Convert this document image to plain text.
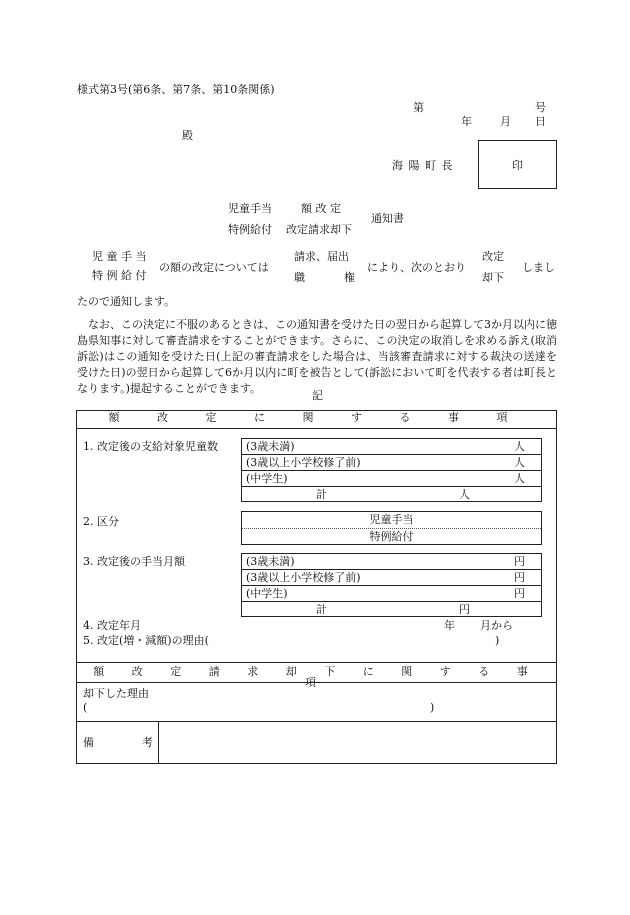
様式第3号(第6条、第7条、第10条関係)
第	号
年	月 日
殿
海 陽 町 長	印
児童手当
特例給付
額 改 定
改定請求却下
通知書
児 童 手 当
特 例 給 付
の額の改定については
請求、届出
職	権
により、次のとおり
改定
却下
しまし
たので通知します。
なお、この決定に不服のあるときは、この通知書を受けた日の翌日から起算して3か月以内に徳島県知事に対して審査請求をすることができます。さらに、この決定の取消しを求める訴え(取消訴訟)はこの通知を受けた日(上記の審査請求をした場合は、当該審査請求に対する裁決の送達を受けた日)の翌日から起算して6か月以内に町を被告として(訴訟において町を代表する者は町長となります。)提起することができます。
記
額 改 定 に 関 す る 事 項
1. 改定後の支給対象児童数	(3歳未満)	人
(3歳以上小学校修了前)	人
(中学生)	人
計	人
2. 区分	児童手当
特例給付
3. 改定後の手当月額	(3歳未満)	円
(3歳以上小学校修了前)	円
(中学生)	円
計	円
4. 改定年月	年 月から
5. 改定(増・減額)の理由(	)
額 改 定 請 求 却 下 に 関 す る 事 項
却下した理由
(	)
備	考
